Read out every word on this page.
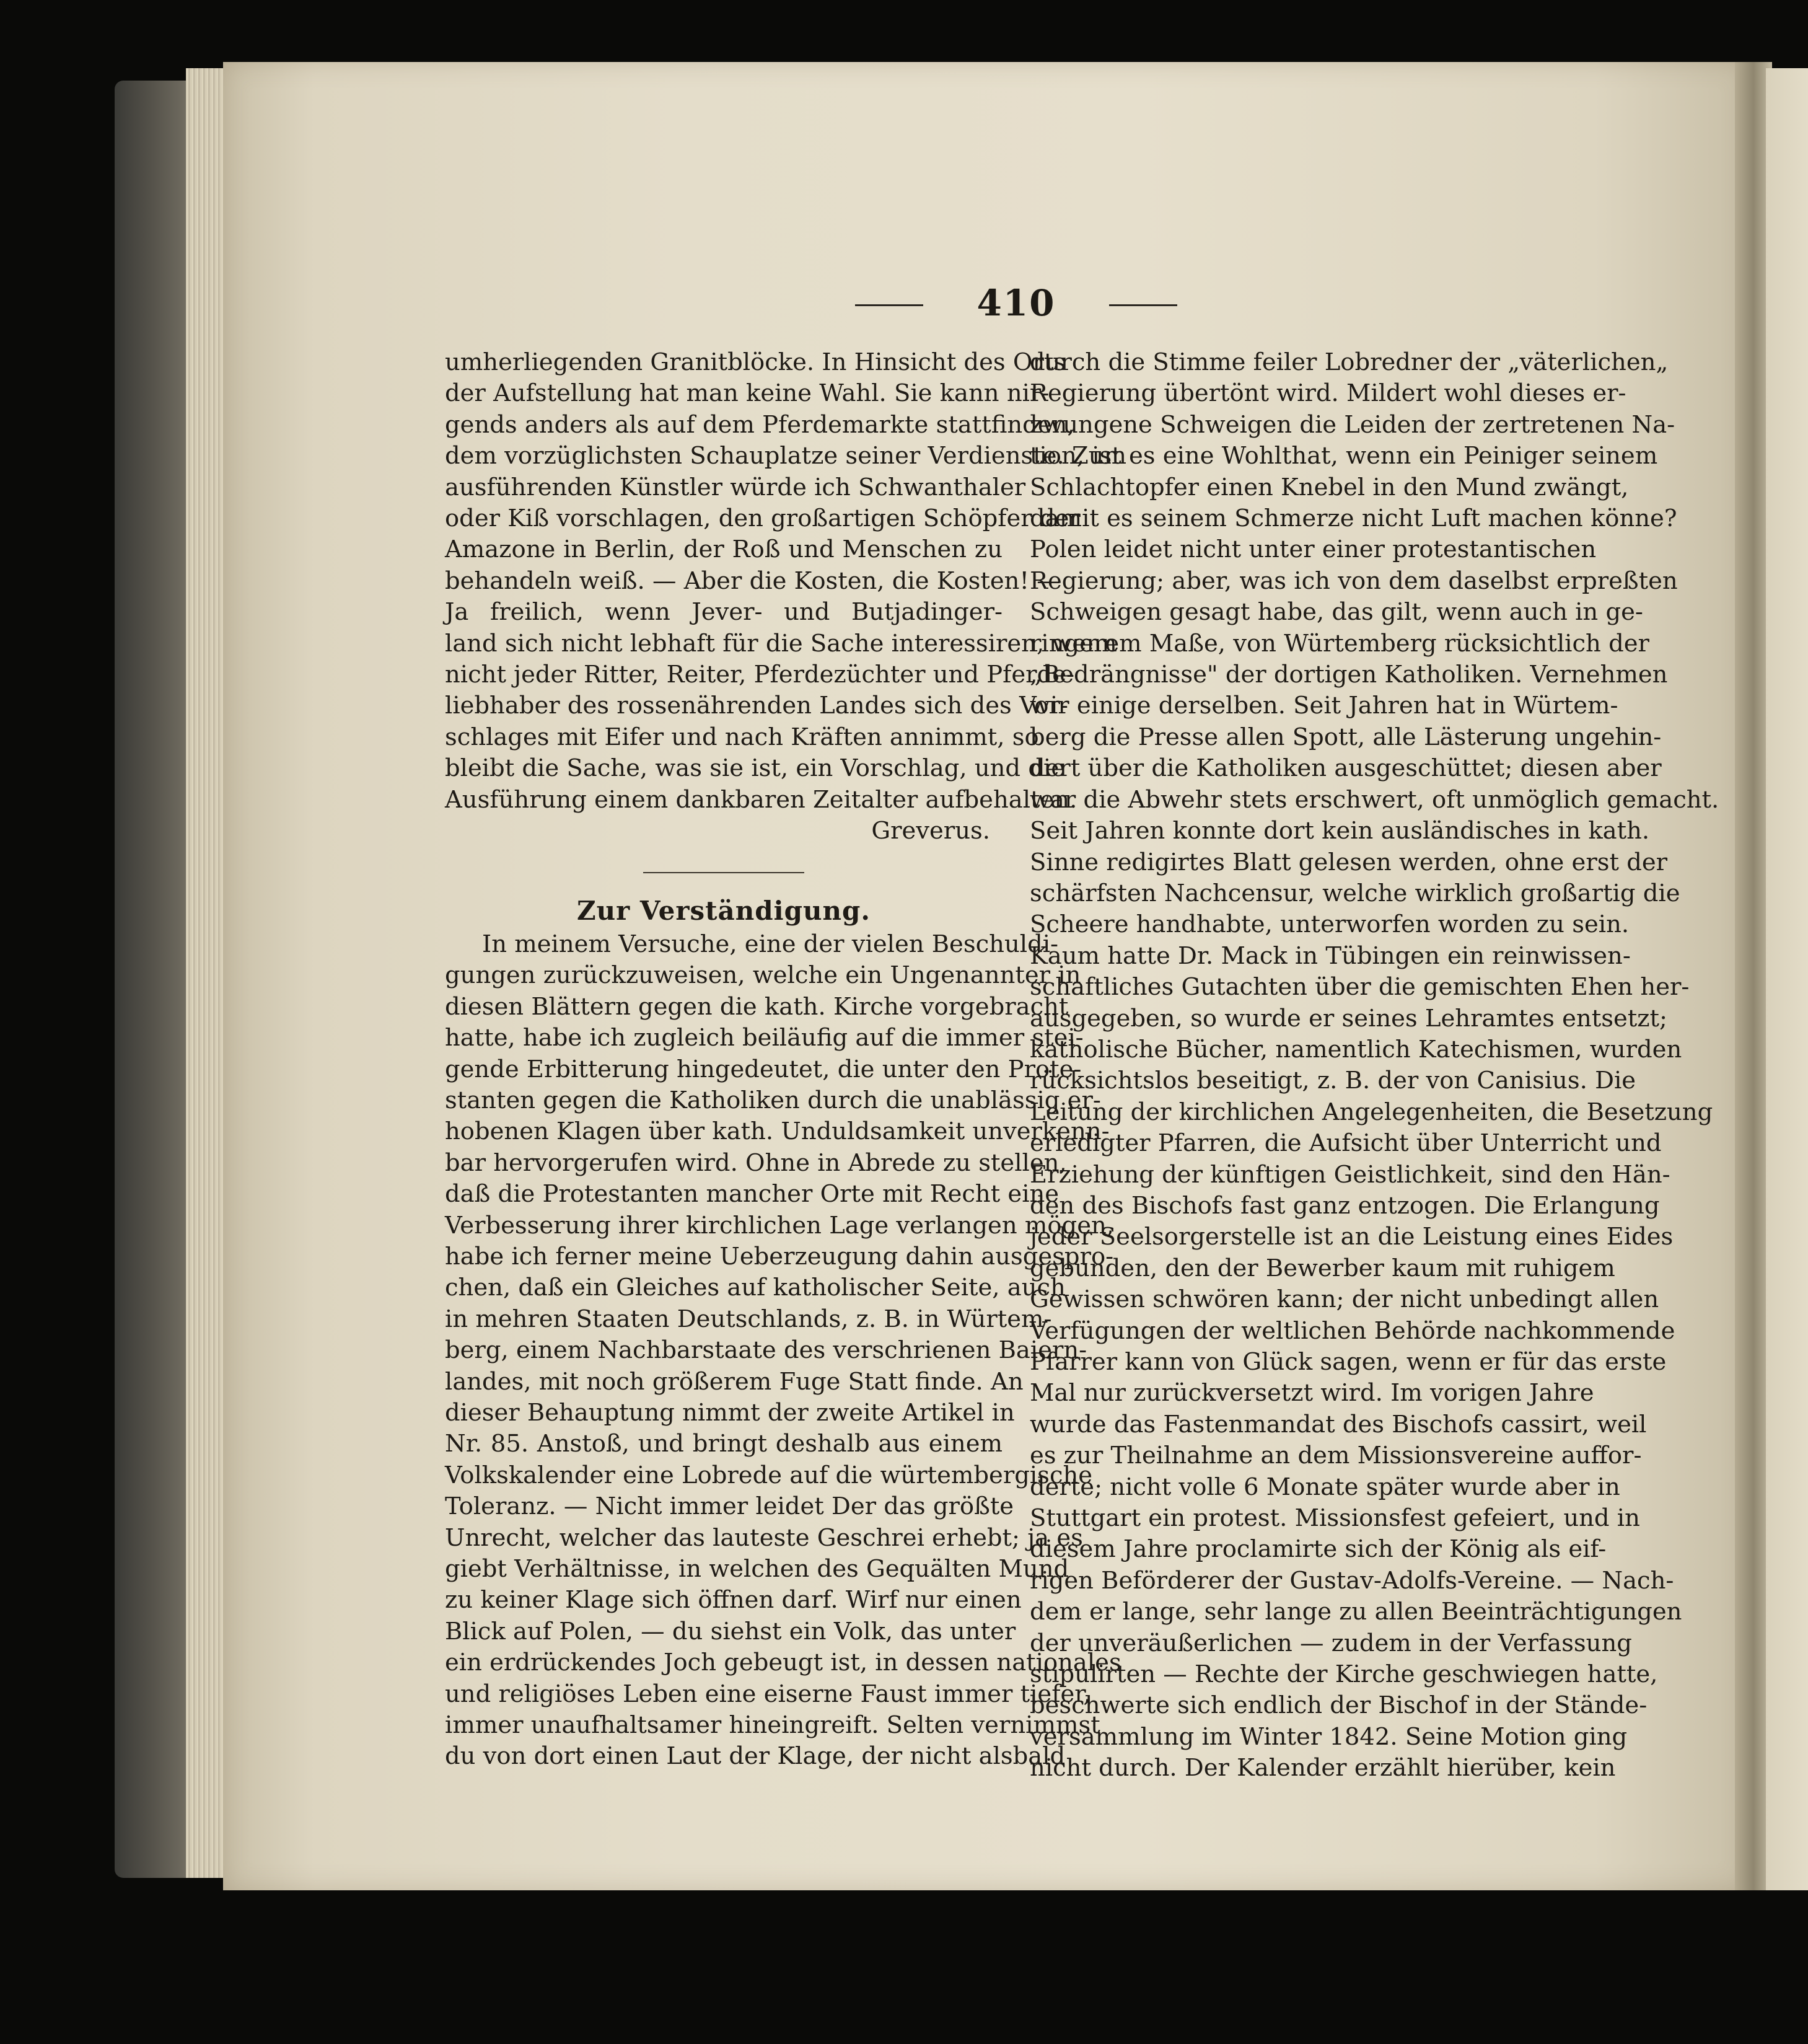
410
umherliegenden Granitblöcke. In Hinsicht des Orts
der Aufstellung hat man keine Wahl. Sie kann nir-
gends anders als auf dem Pferdemarkte stattfinden,
dem vorzüglichsten Schauplatze seiner Verdienste. Zum
ausführenden Künstler würde ich Schwanthaler
oder Kiß vorschlagen, den großartigen Schöpfer der
Amazone in Berlin, der Roß und Menschen zu
behandeln weiß. — Aber die Kosten, die Kosten! —
Ja freilich, wenn Jever- und Butjadinger-
land sich nicht lebhaft für die Sache interessiren, wenn
nicht jeder Ritter, Reiter, Pferdezüchter und Pferde-
liebhaber des rossenährenden Landes sich des Vor-
schlages mit Eifer und nach Kräften annimmt, so
bleibt die Sache, was sie ist, ein Vorschlag, und die
Ausführung einem dankbaren Zeitalter aufbehalten.
Greverus.
Zur Verständigung.
In meinem Versuche, eine der vielen Beschuldi-
gungen zurückzuweisen, welche ein Ungenannter in
diesen Blättern gegen die kath. Kirche vorgebracht
hatte, habe ich zugleich beiläufig auf die immer stei-
gende Erbitterung hingedeutet, die unter den Prote-
stanten gegen die Katholiken durch die unablässig er-
hobenen Klagen über kath. Unduldsamkeit unverkenn-
bar hervorgerufen wird. Ohne in Abrede zu stellen,
daß die Protestanten mancher Orte mit Recht eine
Verbesserung ihrer kirchlichen Lage verlangen mögen,
habe ich ferner meine Ueberzeugung dahin ausgespro-
chen, daß ein Gleiches auf katholischer Seite, auch
in mehren Staaten Deutschlands, z. B. in Würtem-
berg, einem Nachbarstaate des verschrienen Baiern-
landes, mit noch größerem Fuge Statt finde. An
dieser Behauptung nimmt der zweite Artikel in
Nr. 85. Anstoß, und bringt deshalb aus einem
Volkskalender eine Lobrede auf die würtembergische
Toleranz. — Nicht immer leidet Der das größte
Unrecht, welcher das lauteste Geschrei erhebt; ja es
giebt Verhältnisse, in welchen des Gequälten Mund
zu keiner Klage sich öffnen darf. Wirf nur einen
Blick auf Polen, — du siehst ein Volk, das unter
ein erdrückendes Joch gebeugt ist, in dessen nationales
und religiöses Leben eine eiserne Faust immer tiefer,
immer unaufhaltsamer hineingreift. Selten vernimmst
du von dort einen Laut der Klage, der nicht alsbald
durch die Stimme feiler Lobredner der „väterlichen„
Regierung übertönt wird. Mildert wohl dieses er-
zwungene Schweigen die Leiden der zertretenen Na-
tion, ist es eine Wohlthat, wenn ein Peiniger seinem
Schlachtopfer einen Knebel in den Mund zwängt,
damit es seinem Schmerze nicht Luft machen könne?
Polen leidet nicht unter einer protestantischen
Regierung; aber, was ich von dem daselbst erpreßten
Schweigen gesagt habe, das gilt, wenn auch in ge-
ringerem Maße, von Würtemberg rücksichtlich der
„Bedrängnisse" der dortigen Katholiken. Vernehmen
wir einige derselben. Seit Jahren hat in Würtem-
berg die Presse allen Spott, alle Lästerung ungehin-
dert über die Katholiken ausgeschüttet; diesen aber
war die Abwehr stets erschwert, oft unmöglich gemacht.
Seit Jahren konnte dort kein ausländisches in kath.
Sinne redigirtes Blatt gelesen werden, ohne erst der
schärfsten Nachcensur, welche wirklich großartig die
Scheere handhabte, unterworfen worden zu sein.
Kaum hatte Dr. Mack in Tübingen ein reinwissen-
schaftliches Gutachten über die gemischten Ehen her-
ausgegeben, so wurde er seines Lehramtes entsetzt;
katholische Bücher, namentlich Katechismen, wurden
rücksichtslos beseitigt, z. B. der von Canisius. Die
Leitung der kirchlichen Angelegenheiten, die Besetzung
erledigter Pfarren, die Aufsicht über Unterricht und
Erziehung der künftigen Geistlichkeit, sind den Hän-
den des Bischofs fast ganz entzogen. Die Erlangung
jeder Seelsorgerstelle ist an die Leistung eines Eides
gebunden, den der Bewerber kaum mit ruhigem
Gewissen schwören kann; der nicht unbedingt allen
Verfügungen der weltlichen Behörde nachkommende
Pfarrer kann von Glück sagen, wenn er für das erste
Mal nur zurückversetzt wird. Im vorigen Jahre
wurde das Fastenmandat des Bischofs cassirt, weil
es zur Theilnahme an dem Missionsvereine auffor-
derte; nicht volle 6 Monate später wurde aber in
Stuttgart ein protest. Missionsfest gefeiert, und in
diesem Jahre proclamirte sich der König als eif-
rigen Beförderer der Gustav-Adolfs-Vereine. — Nach-
dem er lange, sehr lange zu allen Beeinträchtigungen
der unveräußerlichen — zudem in der Verfassung
stipulirten — Rechte der Kirche geschwiegen hatte,
beschwerte sich endlich der Bischof in der Stände-
versammlung im Winter 1842. Seine Motion ging
nicht durch. Der Kalender erzählt hierüber, kein
